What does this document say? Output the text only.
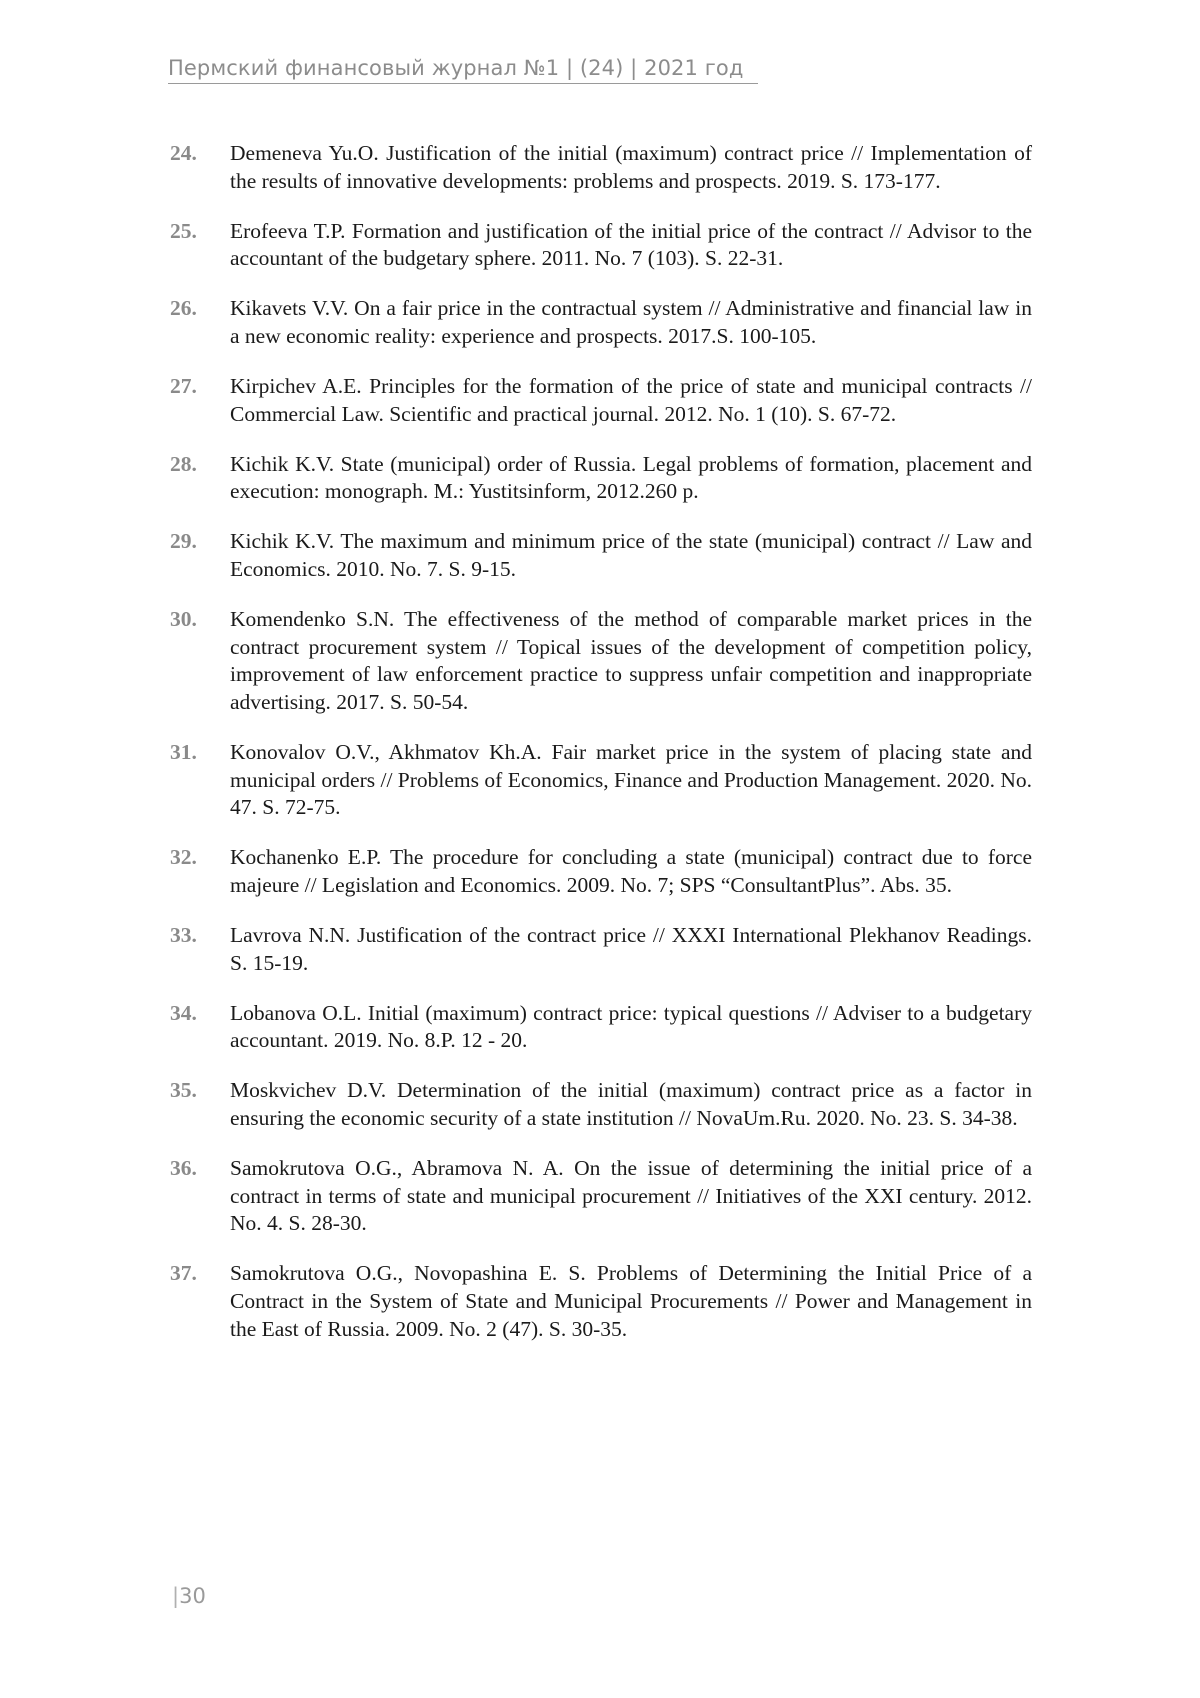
Пермский финансовый журнал №1 | (24) | 2021 год
24.	Demeneva Yu.O. Justification of the initial (maximum) contract price // Implementation of the results of innovative developments: problems and prospects. 2019. S. 173-177.
25.	Erofeeva T.P. Formation and justification of the initial price of the contract // Advisor to the accountant of the budgetary sphere. 2011. No. 7 (103). S. 22-31.
26.	Kikavets V.V. On a fair price in the contractual system // Administrative and financial law in a new economic reality: experience and prospects. 2017.S. 100-105.
27.	Kirpichev A.E. Principles for the formation of the price of state and municipal contracts // Commercial Law. Scientific and practical journal. 2012. No. 1 (10). S. 67-72.
28.	Kichik K.V. State (municipal) order of Russia. Legal problems of formation, placement and execution: monograph. M.: Yustitsinform, 2012.260 p.
29.	Kichik K.V. The maximum and minimum price of the state (municipal) contract // Law and Economics. 2010. No. 7. S. 9-15.
30.	Komendenko S.N. The effectiveness of the method of comparable market prices in the contract procurement system // Topical issues of the development of competition policy, improvement of law enforcement practice to suppress unfair competition and inappropriate advertising. 2017. S. 50-54.
31.	Konovalov O.V., Akhmatov Kh.A. Fair market price in the system of placing state and municipal orders // Problems of Economics, Finance and Production Management. 2020. No. 47. S. 72-75.
32.	Kochanenko E.P. The procedure for concluding a state (municipal) contract due to force majeure // Legislation and Economics. 2009. No. 7; SPS “ConsultantPlus”. Abs. 35.
33.	Lavrova N.N. Justification of the contract price // XXXI International Plekhanov Readings. S. 15-19.
34.	Lobanova O.L. Initial (maximum) contract price: typical questions // Adviser to a budgetary accountant. 2019. No. 8.P. 12 - 20.
35.	Moskvichev D.V. Determination of the initial (maximum) contract price as a factor in ensuring the economic security of a state institution // NovaUm.Ru. 2020. No. 23. S. 34-38.
36.	Samokrutova O.G., Abramova N. A. On the issue of determining the initial price of a contract in terms of state and municipal procurement // Initiatives of the XXI century. 2012. No. 4. S. 28-30.
37.	Samokrutova O.G., Novopashina E. S. Problems of Determining the Initial Price of a Contract in the System of State and Municipal Procurements // Power and Management in the East of Russia. 2009. No. 2 (47). S. 30-35.
|30
